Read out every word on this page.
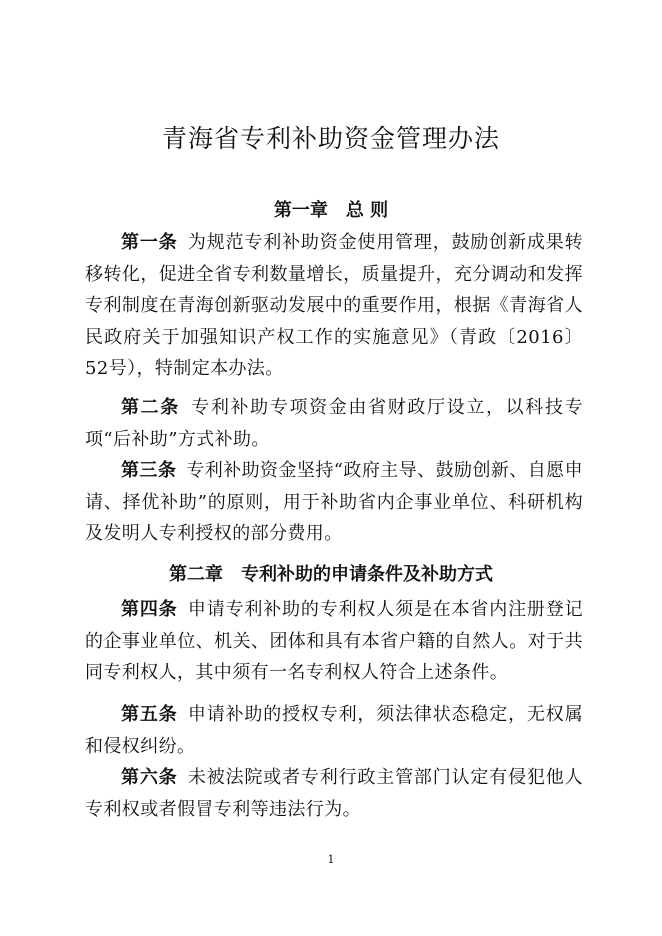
青海省专利补助资金管理办法
第一章 总 则

第一条 为规范专利补助资金使用管理，鼓励创新成果转移转化，促进全省专利数量增长，质量提升，充分调动和发挥专利制度在青海创新驱动发展中的重要作用，根据《青海省人民政府关于加强知识产权工作的实施意见》（青政〔2016〕52号），特制定本办法。

第二条 专利补助专项资金由省财政厅设立，以科技专项“后补助”方式补助。

第三条 专利补助资金坚持“政府主导、鼓励创新、自愿申请、择优补助”的原则，用于补助省内企事业单位、科研机构及发明人专利授权的部分费用。

第二章 专利补助的申请条件及补助方式

第四条 申请专利补助的专利权人须是在本省内注册登记的企事业单位、机关、团体和具有本省户籍的自然人。对于共同专利权人，其中须有一名专利权人符合上述条件。

第五条 申请补助的授权专利，须法律状态稳定，无权属和侵权纠纷。

第六条 未被法院或者专利行政主管部门认定有侵犯他人专利权或者假冒专利等违法行为。

1
